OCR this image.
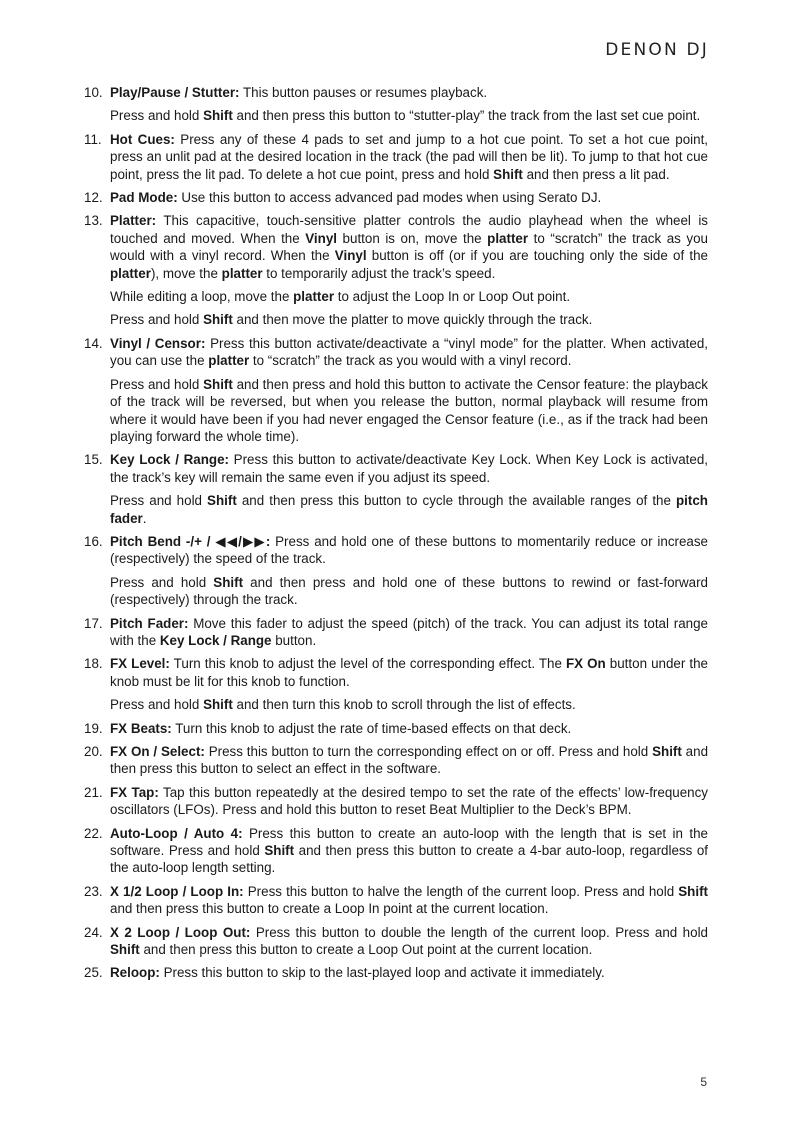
DENON DJ
10. Play/Pause / Stutter: This button pauses or resumes playback.

Press and hold Shift and then press this button to “stutter-play” the track from the last set cue point.

11. Hot Cues: Press any of these 4 pads to set and jump to a hot cue point. To set a hot cue point, press an unlit pad at the desired location in the track (the pad will then be lit). To jump to that hot cue point, press the lit pad. To delete a hot cue point, press and hold Shift and then press a lit pad.

12. Pad Mode: Use this button to access advanced pad modes when using Serato DJ.

13. Platter: This capacitive, touch-sensitive platter controls the audio playhead when the wheel is touched and moved. When the Vinyl button is on, move the platter to “scratch” the track as you would with a vinyl record. When the Vinyl button is off (or if you are touching only the side of the platter), move the platter to temporarily adjust the track’s speed.

While editing a loop, move the platter to adjust the Loop In or Loop Out point.

Press and hold Shift and then move the platter to move quickly through the track.

14. Vinyl / Censor: Press this button activate/deactivate a “vinyl mode” for the platter. When activated, you can use the platter to “scratch” the track as you would with a vinyl record.

Press and hold Shift and then press and hold this button to activate the Censor feature: the playback of the track will be reversed, but when you release the button, normal playback will resume from where it would have been if you had never engaged the Censor feature (i.e., as if the track had been playing forward the whole time).

15. Key Lock / Range: Press this button to activate/deactivate Key Lock. When Key Lock is activated, the track’s key will remain the same even if you adjust its speed.

Press and hold Shift and then press this button to cycle through the available ranges of the pitch fader.

16. Pitch Bend -/+ / ◀◀/▶▶: Press and hold one of these buttons to momentarily reduce or increase (respectively) the speed of the track.

Press and hold Shift and then press and hold one of these buttons to rewind or fast-forward (respectively) through the track.

17. Pitch Fader: Move this fader to adjust the speed (pitch) of the track. You can adjust its total range with the Key Lock / Range button.

18. FX Level: Turn this knob to adjust the level of the corresponding effect. The FX On button under the knob must be lit for this knob to function.

Press and hold Shift and then turn this knob to scroll through the list of effects.

19. FX Beats: Turn this knob to adjust the rate of time-based effects on that deck.

20. FX On / Select: Press this button to turn the corresponding effect on or off. Press and hold Shift and then press this button to select an effect in the software.

21. FX Tap: Tap this button repeatedly at the desired tempo to set the rate of the effects’ low-frequency oscillators (LFOs). Press and hold this button to reset Beat Multiplier to the Deck’s BPM.

22. Auto-Loop / Auto 4: Press this button to create an auto-loop with the length that is set in the software. Press and hold Shift and then press this button to create a 4-bar auto-loop, regardless of the auto-loop length setting.

23. X 1/2 Loop / Loop In: Press this button to halve the length of the current loop. Press and hold Shift and then press this button to create a Loop In point at the current location.

24. X 2 Loop / Loop Out: Press this button to double the length of the current loop. Press and hold Shift and then press this button to create a Loop Out point at the current location.

25. Reloop: Press this button to skip to the last-played loop and activate it immediately.

5
